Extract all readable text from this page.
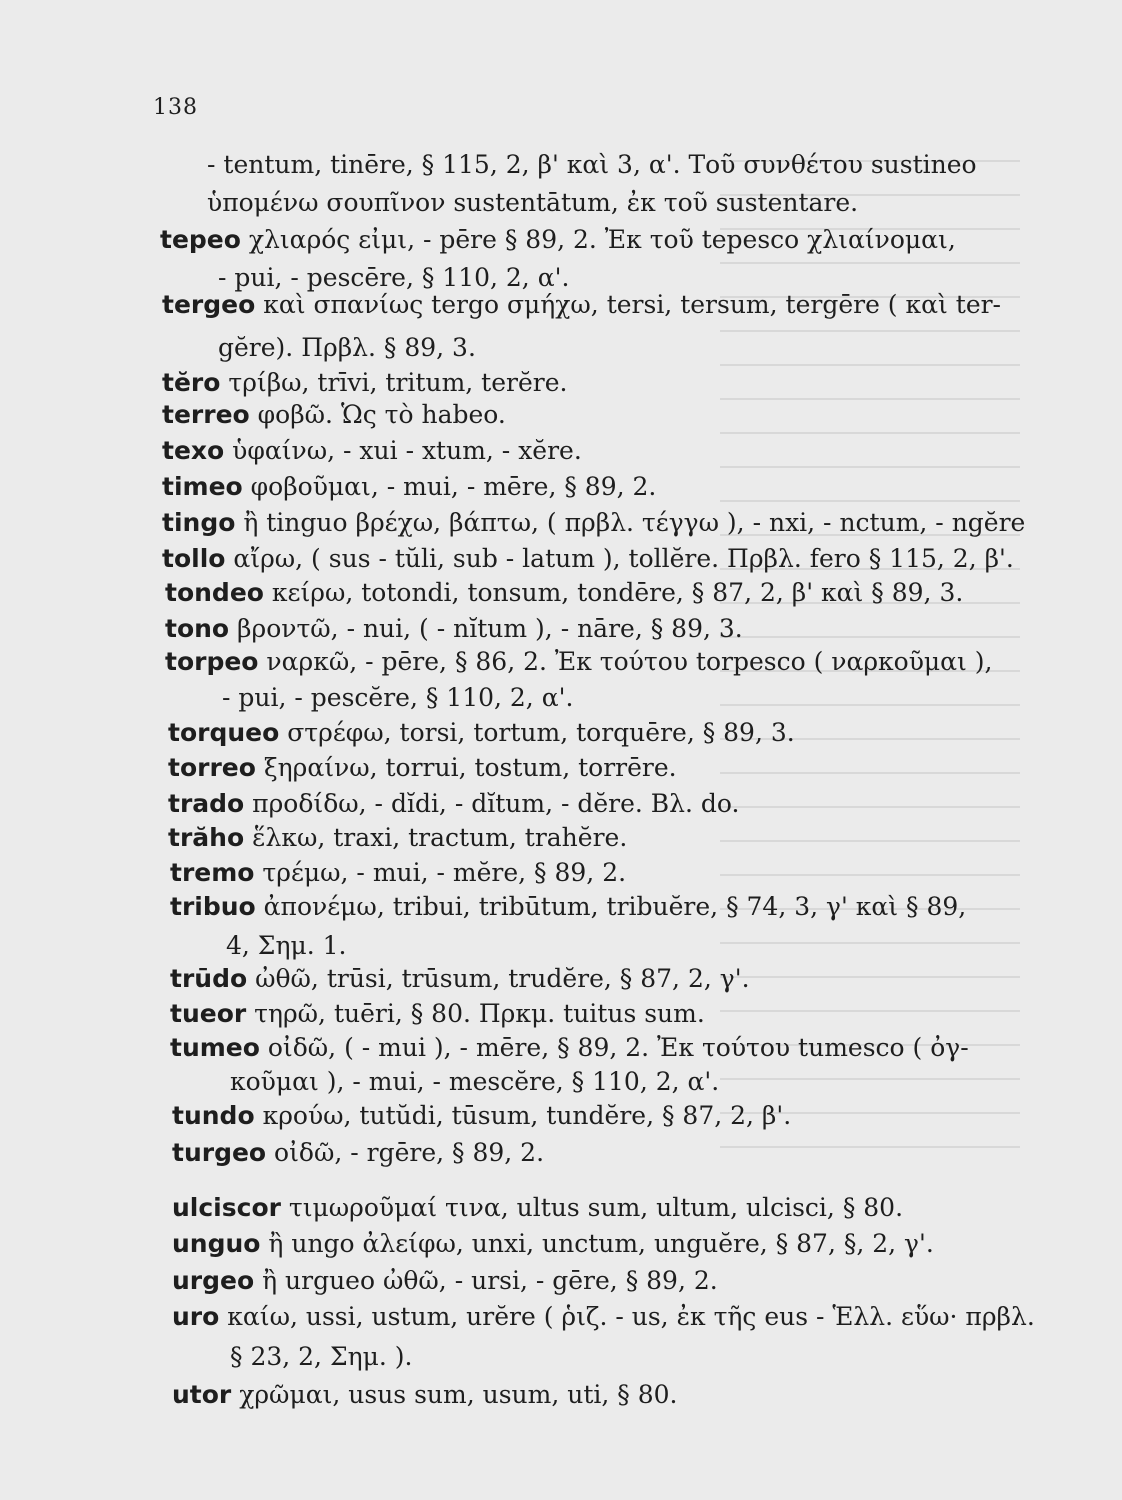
138
- tentum, tinēre, § 115, 2, β' καὶ 3, α'. Τοῦ συνθέτου sustineo
ὑπομένω σουπῖνον sustentātum, ἐκ τοῦ sustentare.
tepeo χλιαρός εἰμι, - pēre § 89, 2. Ἐκ τοῦ tepesco χλιαίνομαι,
- pui, - pescēre, § 110, 2, α'.
tergeo καὶ σπανίως tergo σμήχω, tersi, tersum, tergēre ( καὶ ter-
gĕre). Πρβλ. § 89, 3.
tĕro τρίβω, trīvi, tritum, terĕre.
terreo φοβῶ. Ὡς τὸ habeo.
texo ὑφαίνω, - xui - xtum, - xĕre.
timeo φοβοῦμαι, - mui, - mēre, § 89, 2.
tingo ἢ tinguo βρέχω, βάπτω, ( πρβλ. τέγγω ), - nxi, - nctum, - ngĕre
tollo αἴρω, ( sus - tŭli, sub - latum ), tollĕre. Πρβλ. fero § 115, 2, β'.
tondeo κείρω, totondi, tonsum, tondēre, § 87, 2, β' καὶ § 89, 3.
tono βροντῶ, - nui, ( - nĭtum ), - nāre, § 89, 3.
torpeo ναρκῶ, - pēre, § 86, 2. Ἐκ τούτου torpesco ( ναρκοῦμαι ),
- pui, - pescĕre, § 110, 2, α'.
torqueo στρέφω, torsi, tortum, torquēre, § 89, 3.
torreo ξηραίνω, torrui, tostum, torrēre.
trado προδίδω, - dĭdi, - dĭtum, - dĕre. Βλ. do.
trăho ἕλκω, traxi, tractum, trahĕre.
tremo τρέμω, - mui, - mĕre, § 89, 2.
tribuo ἀπονέμω, tribui, tribūtum, tribuĕre, § 74, 3, γ' καὶ § 89,
4, Σημ. 1.
trūdo ὠθῶ, trūsi, trūsum, trudĕre, § 87, 2, γ'.
tueor τηρῶ, tuēri, § 80. Πρκμ. tuitus sum.
tumeo οἰδῶ, ( - mui ), - mēre, § 89, 2. Ἐκ τούτου tumesco ( ὀγ-
κοῦμαι ), - mui, - mescĕre, § 110, 2, α'.
tundo κρούω, tutŭdi, tūsum, tundĕre, § 87, 2, β'.
turgeo οἰδῶ, - rgēre, § 89, 2.
ulciscor τιμωροῦμαί τινα, ultus sum, ultum, ulcisci, § 80.
unguo ἢ ungo ἀλείφω, unxi, unctum, unguĕre, § 87, §, 2, γ'.
urgeo ἢ urgueo ὠθῶ, - ursi, - gēre, § 89, 2.
uro καίω, ussi, ustum, urĕre ( ῥιζ. - us, ἐκ τῆς eus - Ἑλλ. εὕω· πρβλ.
§ 23, 2, Σημ. ).
utor χρῶμαι, usus sum, usum, uti, § 80.
